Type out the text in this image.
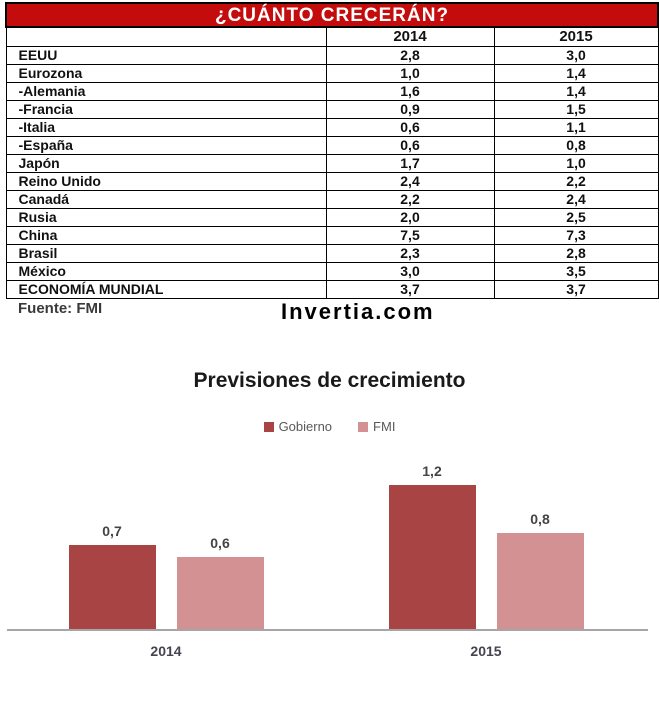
¿CUÁNTO CRECERÁN?		
	2014	2015
EEUU	2,8	3,0
Eurozona	1,0	1,4
-Alemania	1,6	1,4
-Francia	0,9	1,5
-Italia	0,6	1,1
-España	0,6	0,8
Japón	1,7	1,0
Reino Unido	2,4	2,2
Canadá	2,2	2,4
Rusia	2,0	2,5
China	7,5	7,3
Brasil	2,3	2,8
México	3,0	3,5
ECONOMÍA MUNDIAL	3,7	3,7
Fuente: FMI	Invertia.com
Previsiones de crecimiento
Gobierno	FMI
0,7
0,6
2014
1,2
0,8
2015
